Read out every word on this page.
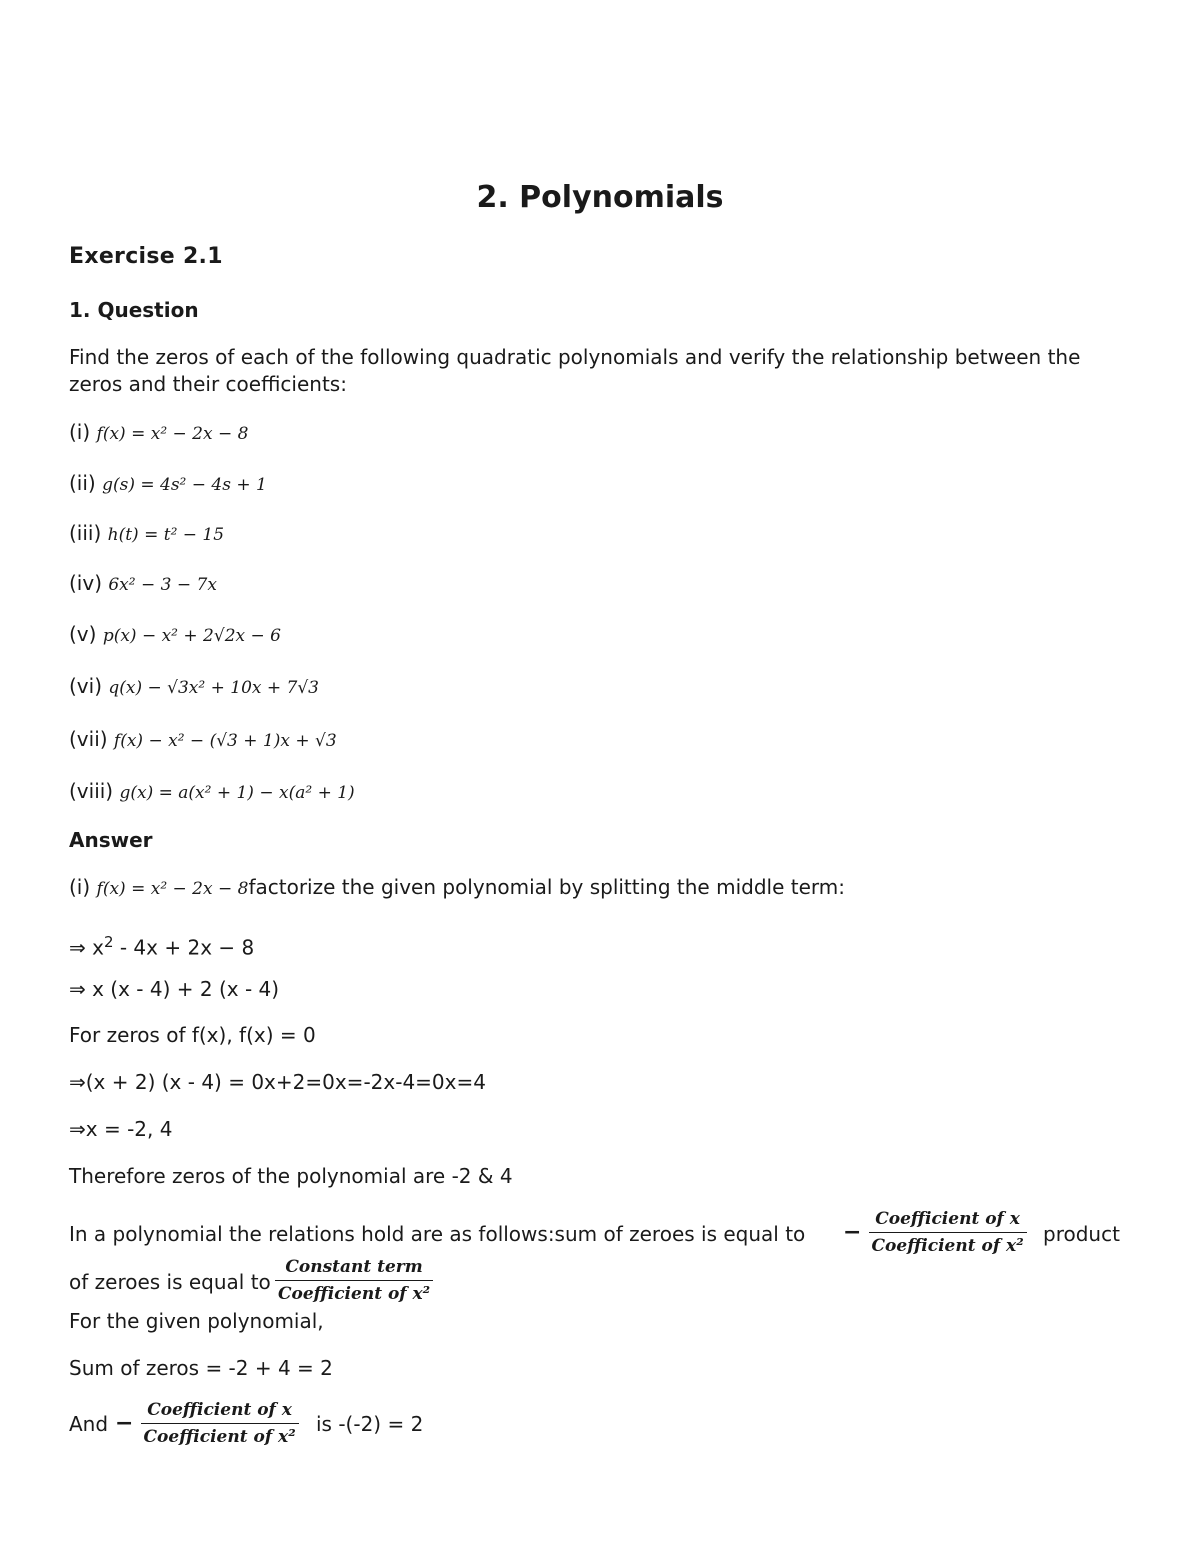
2. Polynomials
Exercise 2.1
1. Question
Find the zeros of each of the following quadratic polynomials and verify the relationship between the
zeros and their coefficients:
(i) f(x) = x² − 2x − 8
(ii) g(s) = 4s² − 4s + 1
(iii) h(t) = t² − 15
(iv) 6x² − 3 − 7x
(v) p(x) − x² + 2√2x − 6
(vi) q(x) − √3x² + 10x + 7√3
(vii) f(x) − x² − (√3 + 1)x + √3
(viii) g(x) = a(x² + 1) − x(a² + 1)
Answer
(i) f(x) = x² − 2x − 8factorize the given polynomial by splitting the middle term:
⇒ $x^2 - 4x + 2x - 8$
⇒ x (x - 4) + 2 (x - 4)
For zeros of f(x), f(x) = 0
⇒(x + 2) (x - 4) = 0x+2=0x=-2x-4=0x=4
⇒x = -2, 4
Therefore zeros of the polynomial are -2 & 4
In a polynomial the relations hold are as follows:sum of zeroes is equal to − $\frac{\text{Coefficient of x}}{\text{Coefficient of x²}}$ product
of zeroes is equal to $\frac{\text{Constant term}}{\text{Coefficient of x²}}$
For the given polynomial,
Sum of zeros = -2 + 4 = 2
And − $\frac{\text{Coefficient of x}}{\text{Coefficient of x²}}$ is -(-2) = 2
